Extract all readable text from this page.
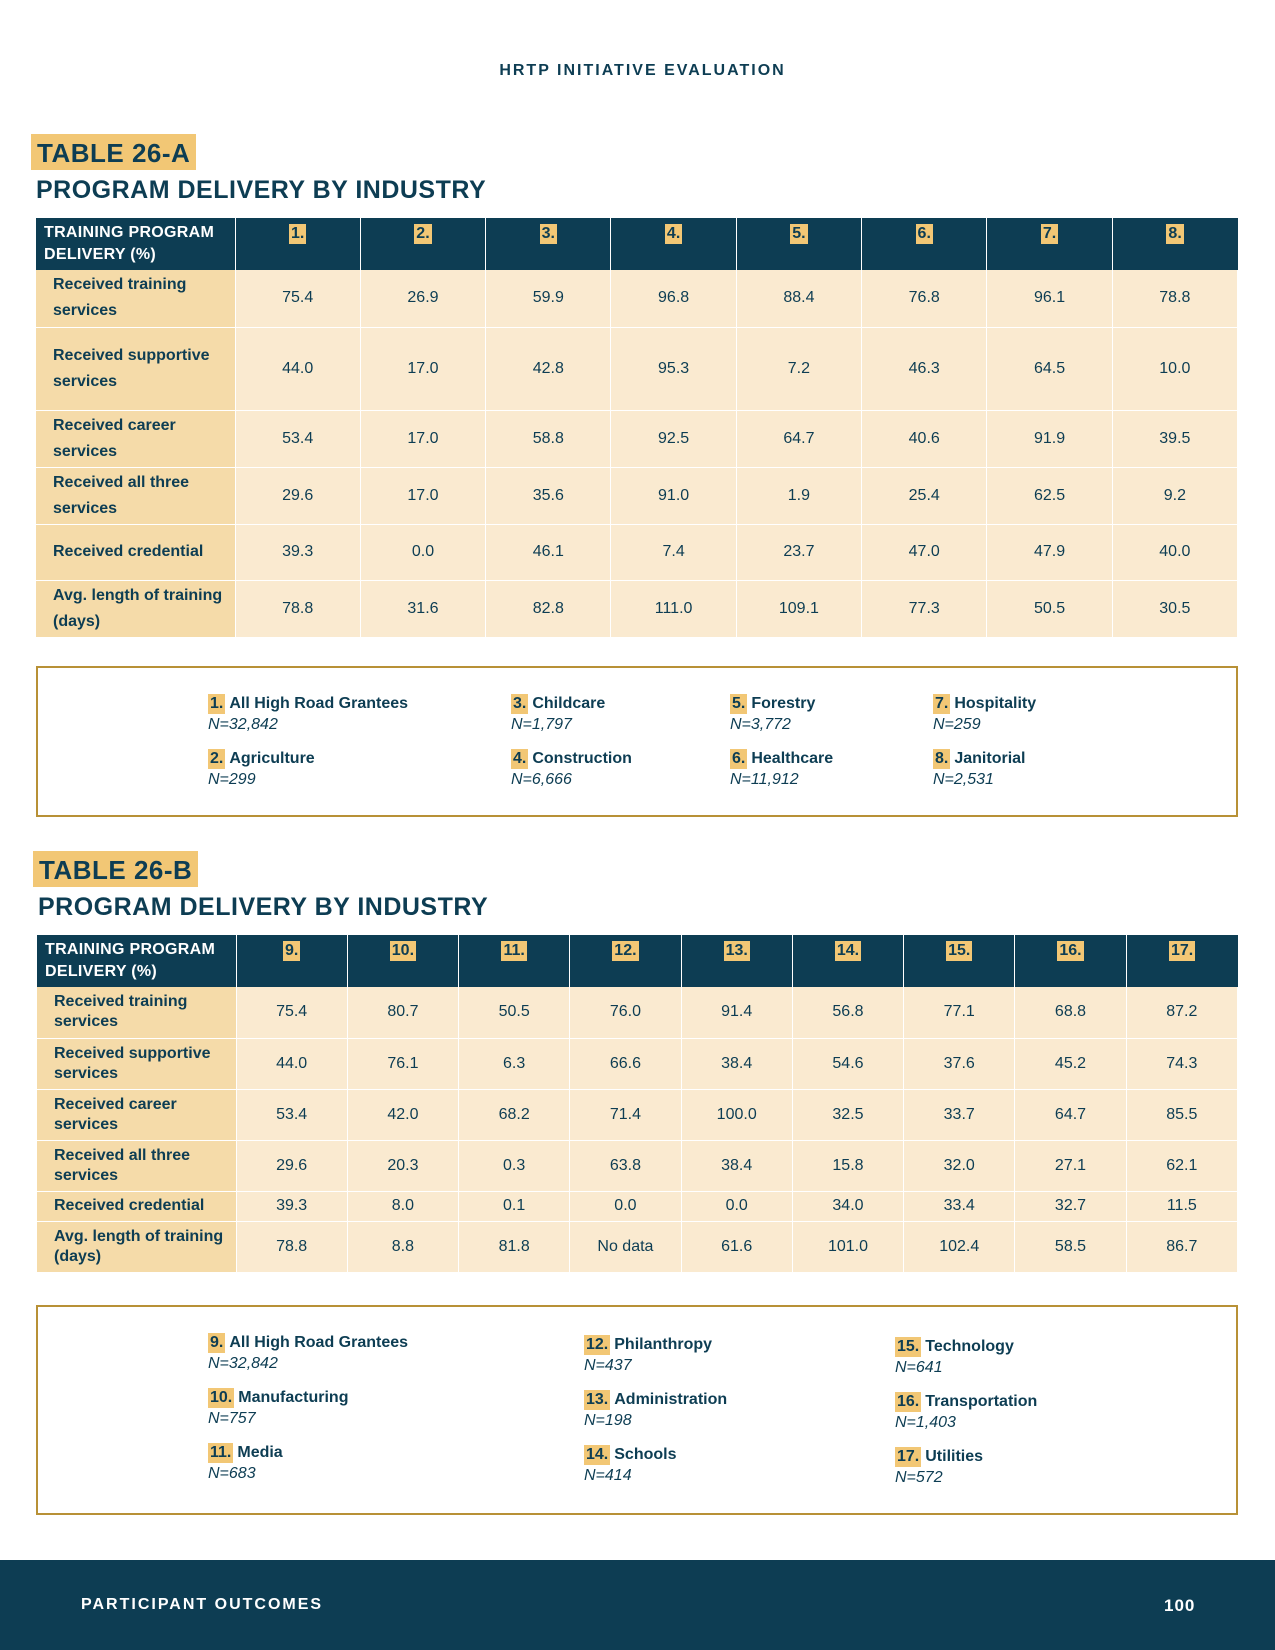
HRTP INITIATIVE EVALUATION
TABLE 26-A
PROGRAM DELIVERY BY INDUSTRY
TRAINING PROGRAM DELIVERY (%)	1.	2.	3.	4.	5.	6.	7.	8.
Received training services	75.4	26.9	59.9	96.8	88.4	76.8	96.1	78.8
Received supportive services	44.0	17.0	42.8	95.3	7.2	46.3	64.5	10.0
Received career services	53.4	17.0	58.8	92.5	64.7	40.6	91.9	39.5
Received all three services	29.6	17.0	35.6	91.0	1.9	25.4	62.5	9.2
Received credential	39.3	0.0	46.1	7.4	23.7	47.0	47.9	40.0
Avg. length of training (days)	78.8	31.6	82.8	111.0	109.1	77.3	50.5	30.5
1. All High Road Grantees
N=32,842
2. Agriculture
N=299
3. Childcare
N=1,797
4. Construction
N=6,666
5. Forestry
N=3,772
6. Healthcare
N=11,912
7. Hospitality
N=259
8. Janitorial
N=2,531
TABLE 26-B
PROGRAM DELIVERY BY INDUSTRY
TRAINING PROGRAM DELIVERY (%)	9.	10.	11.	12.	13.	14.	15.	16.	17.
Received training services	75.4	80.7	50.5	76.0	91.4	56.8	77.1	68.8	87.2
Received supportive services	44.0	76.1	6.3	66.6	38.4	54.6	37.6	45.2	74.3
Received career services	53.4	42.0	68.2	71.4	100.0	32.5	33.7	64.7	85.5
Received all three services	29.6	20.3	0.3	63.8	38.4	15.8	32.0	27.1	62.1
Received credential	39.3	8.0	0.1	0.0	0.0	34.0	33.4	32.7	11.5
Avg. length of training (days)	78.8	8.8	81.8	No data	61.6	101.0	102.4	58.5	86.7
9. All High Road Grantees
N=32,842
10. Manufacturing
N=757
11. Media
N=683
12. Philanthropy
N=437
13. Administration
N=198
14. Schools
N=414
15. Technology
N=641
16. Transportation
N=1,403
17. Utilities
N=572
PARTICIPANT OUTCOMES	100
